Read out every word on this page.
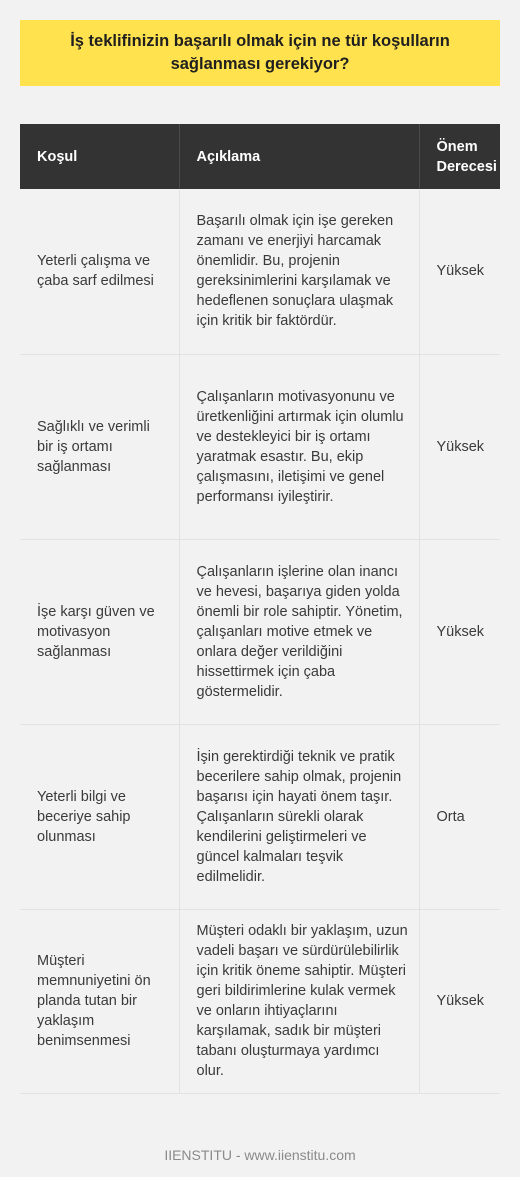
İş teklifinizin başarılı olmak için ne tür koşulların sağlanması gerekiyor?
Koşul	Açıklama	Önem Derecesi
Yeterli çalışma ve çaba sarf edilmesi	Başarılı olmak için işe gereken zamanı ve enerjiyi harcamak önemlidir. Bu, projenin gereksinimlerini karşılamak ve hedeflenen sonuçlara ulaşmak için kritik bir faktördür.	Yüksek
Sağlıklı ve verimli bir iş ortamı sağlanması	Çalışanların motivasyonunu ve üretkenliğini artırmak için olumlu ve destekleyici bir iş ortamı yaratmak esastır. Bu, ekip çalışmasını, iletişimi ve genel performansı iyileştirir.	Yüksek
İşe karşı güven ve motivasyon sağlanması	Çalışanların işlerine olan inancı ve hevesi, başarıya giden yolda önemli bir role sahiptir. Yönetim, çalışanları motive etmek ve onlara değer verildiğini hissettirmek için çaba göstermelidir.	Yüksek
Yeterli bilgi ve beceriye sahip olunması	İşin gerektirdiği teknik ve pratik becerilere sahip olmak, projenin başarısı için hayati önem taşır. Çalışanların sürekli olarak kendilerini geliştirmeleri ve güncel kalmaları teşvik edilmelidir.	Orta
Müşteri memnuniyetini ön planda tutan bir yaklaşım benimsenmesi	Müşteri odaklı bir yaklaşım, uzun vadeli başarı ve sürdürülebilirlik için kritik öneme sahiptir. Müşteri geri bildirimlerine kulak vermek ve onların ihtiyaçlarını karşılamak, sadık bir müşteri tabanı oluşturmaya yardımcı olur.	Yüksek
IIENSTITU - www.iienstitu.com
